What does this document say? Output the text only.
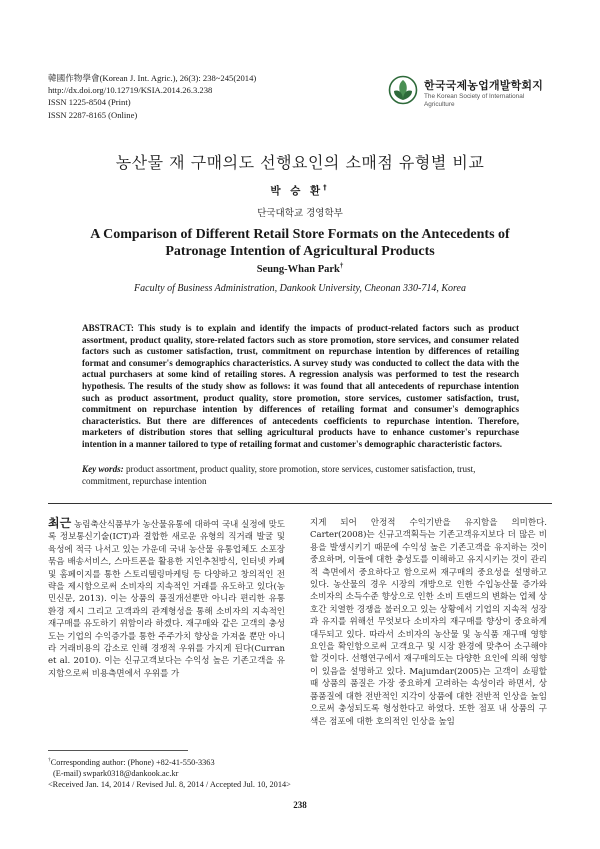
韓國作物學會(Korean J. Int. Agric.), 26(3): 238~245(2014)
http://dx.doi.org/10.12719/KSIA.2014.26.3.238
ISSN 1225-8504 (Print)
ISSN 2287-8165 (Online)
한국국제농업개발학회지
The Korean Society of International
Agriculture
농산물 재 구매의도 선행요인의 소매점 유형별 비교
박 승 환†
단국대학교 경영학부
A Comparison of Different Retail Store Formats on the Antecedents of Patronage Intention of Agricultural Products
Seung-Whan Park†
Faculty of Business Administration, Dankook University, Cheonan 330-714, Korea
ABSTRACT: This study is to explain and identify the impacts of product-related factors such as product assortment, product quality, store-related factors such as store promotion, store services, and consumer related factors such as customer satisfaction, trust, commitment on repurchase intention by differences of retailing format and consumer's demographics characteristics. A survey study was conducted to collect the data with the actual purchasers at some kind of retailing stores. A regression analysis was performed to test the research hypothesis. The results of the study show as follows: it was found that all antecedents of repurchase intention such as product assortment, product quality, store promotion, store services, customer satisfaction, trust, commitment on repurchase intention by differences of retailing format and consumer's demographics characteristics. But there are differences of antecedents coefficients to repurchase intention. Therefore, marketers of distribution stores that selling agricultural products have to enhance customer's repurchase intention in a manner tailored to type of retailing format and customer's demographic characteristic factors.
Key words: product assortment, product quality, store promotion, store services, customer satisfaction, trust, commitment, repurchase intention

최근 농림축산식품부가 농산물유통에 대하여 국내 실정에 맞도록 정보통신기술(ICT)과 결합한 새로운 유형의 직거래 발굴 및 육성에 적극 나서고 있는 가운데 국내 농산물 유통업체도 소포장 묶음 배송서비스, 스마트폰을 활용한 지인추천방식, 인터넷 카페 및 홈페이지를 통한 스토리텔링마케팅 등 다양하고 창의적인 전략을 제시함으로써 소비자의 지속적인 거래를 유도하고 있다(농민신문, 2013). 이는 상품의 품질개선뿐만 아니라 편리한 유통환경 제시 그리고 고객과의 관계형성을 통해 소비자의 지속적인 재구매를 유도하기 위함이라 하겠다. 재구매와 같은 고객의 충성도는 기업의 수익증가를 통한 주주가치 향상을 가져올 뿐만 아니라 거래비용의 감소로 인해 경쟁적 우위를 가지게 된다(Curran et al. 2010). 이는 신규고객보다는 수익성 높은 기존고객을 유지함으로써 비용측면에서 우위를 가

지게 되어 안정적 수익기반을 유지함을 의미한다. Carter(2008)는 신규고객획득는 기존고객유지보다 더 많은 비용을 발생시키기 때문에 수익성 높은 기존고객을 유지하는 것이 중요하며, 이들에 대한 충성도를 이해하고 유지시키는 것이 관리적 측면에서 중요하다고 함으로써 재구매의 중요성을 설명하고 있다. 농산물의 경우 시장의 개방으로 인한 수입농산물 증가와 소비자의 소득수준 향상으로 인한 소비 트랜드의 변화는 업체 상호간 치열한 경쟁을 불러오고 있는 상황에서 기업의 지속적 성장과 유지를 위해선 무엇보다 소비자의 재구매를 향상이 중요하게 대두되고 있다. 따라서 소비자의 농산물 및 농식품 재구매 영향요인을 확인함으로써 고객요구 및 시장 환경에 맞추어 소구해야 할 것이다. 선행연구에서 재구매의도는 다양한 요인에 의해 영향이 있음을 설명하고 있다. Majumdar(2005)는 고객이 쇼핑할 때 상품의 품질은 가장 중요하게 고려하는 속성이라 하면서, 상품품질에 대한 전반적인 지각이 상품에 대한 전반적 인상을 높임으로써 충성되도록 형성한다고 하였다. 또한 점포 내 상품의 구색은 점포에 대한 호의적인 인상을 높임

†Corresponding author: (Phone) +82-41-550-3363
(E-mail) swpark0318@dankook.ac.kr
<Received Jan. 14, 2014 / Revised Jul. 8, 2014 / Accepted Jul. 10, 2014>
238
